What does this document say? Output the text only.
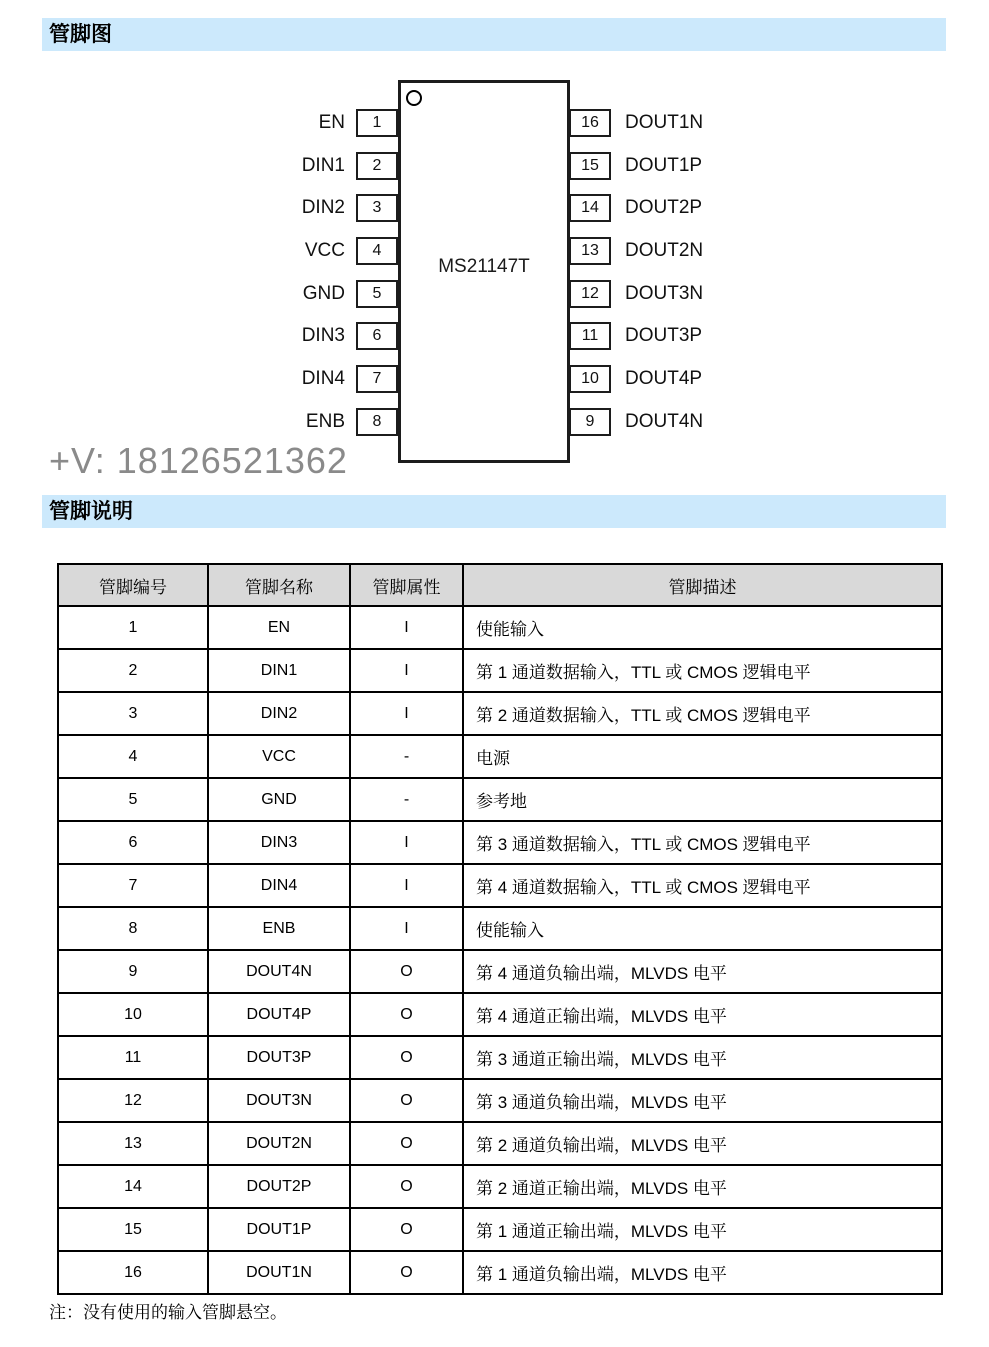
管脚图
MS21147T
1
EN
2
DIN1
3
DIN2
4
VCC
5
GND
6
DIN3
7
DIN4
8
ENB
16	DOUT1N
15	DOUT1P
14	DOUT2P
13	DOUT2N
12	DOUT3N
11	DOUT3P
10	DOUT4P
9	DOUT4N
+V: 18126521362
管脚说明
管脚编号	管脚名称	管脚属性	管脚描述
1	EN	I	使能输入
2	DIN1	I	第 1 通道数据输入，TTL 或 CMOS 逻辑电平
3	DIN2	I	第 2 通道数据输入，TTL 或 CMOS 逻辑电平
4	VCC	-	电源
5	GND	-	参考地
6	DIN3	I	第 3 通道数据输入，TTL 或 CMOS 逻辑电平
7	DIN4	I	第 4 通道数据输入，TTL 或 CMOS 逻辑电平
8	ENB	I	使能输入
9	DOUT4N	O	第 4 通道负输出端，MLVDS 电平
10	DOUT4P	O	第 4 通道正输出端，MLVDS 电平
11	DOUT3P	O	第 3 通道正输出端，MLVDS 电平
12	DOUT3N	O	第 3 通道负输出端，MLVDS 电平
13	DOUT2N	O	第 2 通道负输出端，MLVDS 电平
14	DOUT2P	O	第 2 通道正输出端，MLVDS 电平
15	DOUT1P	O	第 1 通道正输出端，MLVDS 电平
16	DOUT1N	O	第 1 通道负输出端，MLVDS 电平
注：没有使用的输入管脚悬空。
